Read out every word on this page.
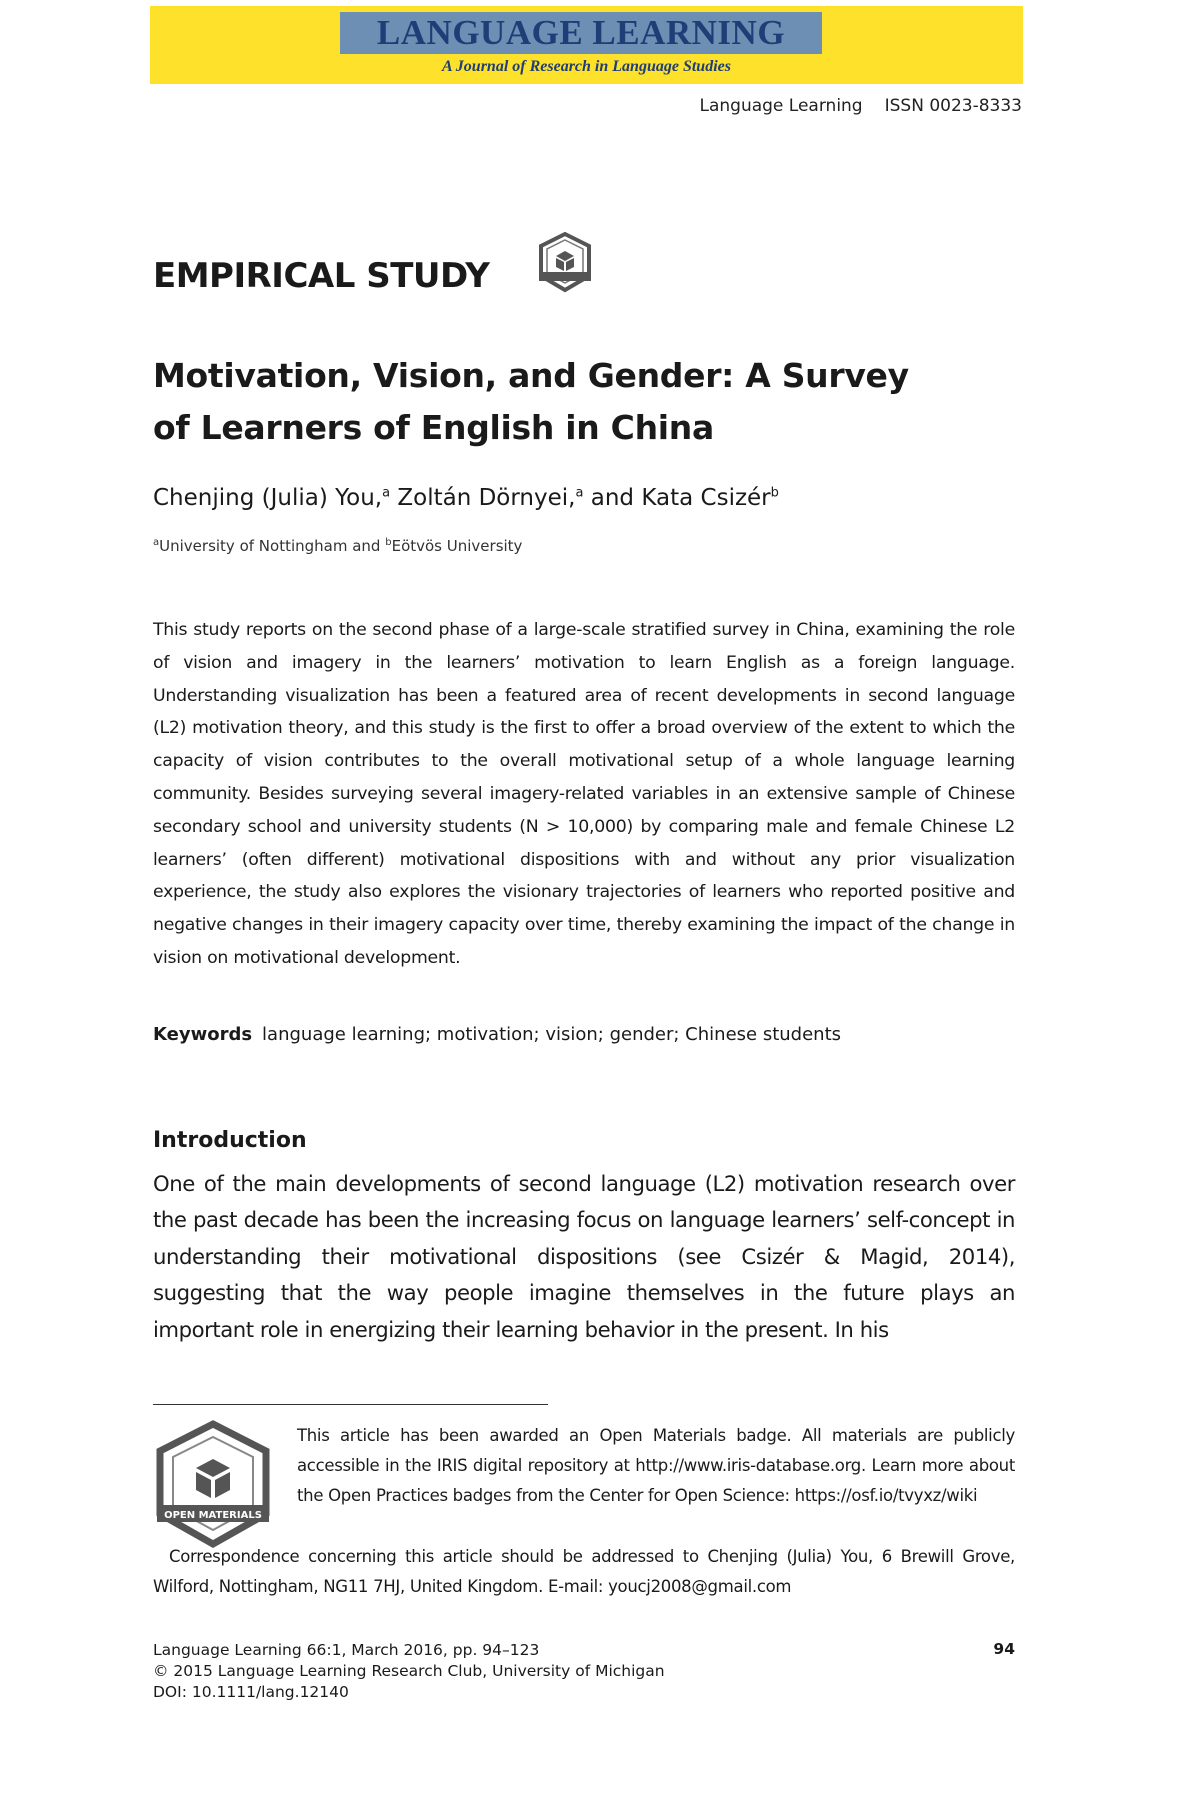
LANGUAGE LEARNING
A Journal of Research in Language Studies
Language Learning ISSN 0023-8333
EMPIRICAL STUDY
Motivation, Vision, and Gender: A Survey
of Learners of English in China
Chenjing (Julia) You,$^a$ Zoltán Dörnyei,$^a$ and Kata Csizér$^b$
$^a$University of Nottingham and $^b$Eötvös University

This study reports on the second phase of a large-scale stratified survey in China, examining the role of vision and imagery in the learners’ motivation to learn English as a foreign language. Understanding visualization has been a featured area of recent developments in second language (L2) motivation theory, and this study is the first to offer a broad overview of the extent to which the capacity of vision contributes to the overall motivational setup of a whole language learning community. Besides surveying several imagery-related variables in an extensive sample of Chinese secondary school and university students (N > 10,000) by comparing male and female Chinese L2 learners’ (often different) motivational dispositions with and without any prior visualization experience, the study also explores the visionary trajectories of learners who reported positive and negative changes in their imagery capacity over time, thereby examining the impact of the change in vision on motivational development.

Keywords language learning; motivation; vision; gender; Chinese students
Introduction

One of the main developments of second language (L2) motivation research over the past decade has been the increasing focus on language learners’ self-concept in understanding their motivational dispositions (see Csizér & Magid, 2014), suggesting that the way people imagine themselves in the future plays an important role in energizing their learning behavior in the present. In his

OPEN MATERIALS

This article has been awarded an Open Materials badge. All materials are publicly accessible in the IRIS digital repository at http://www.iris-database.org. Learn more about the Open Practices badges from the Center for Open Science: https://osf.io/tvyxz/wiki

Correspondence concerning this article should be addressed to Chenjing (Julia) You, 6 Brewill Grove, Wilford, Nottingham, NG11 7HJ, United Kingdom. E-mail: youcj2008@gmail.com

Language Learning 66:1, March 2016, pp. 94–123
© 2015 Language Learning Research Club, University of Michigan
DOI: 10.1111/lang.12140
94
